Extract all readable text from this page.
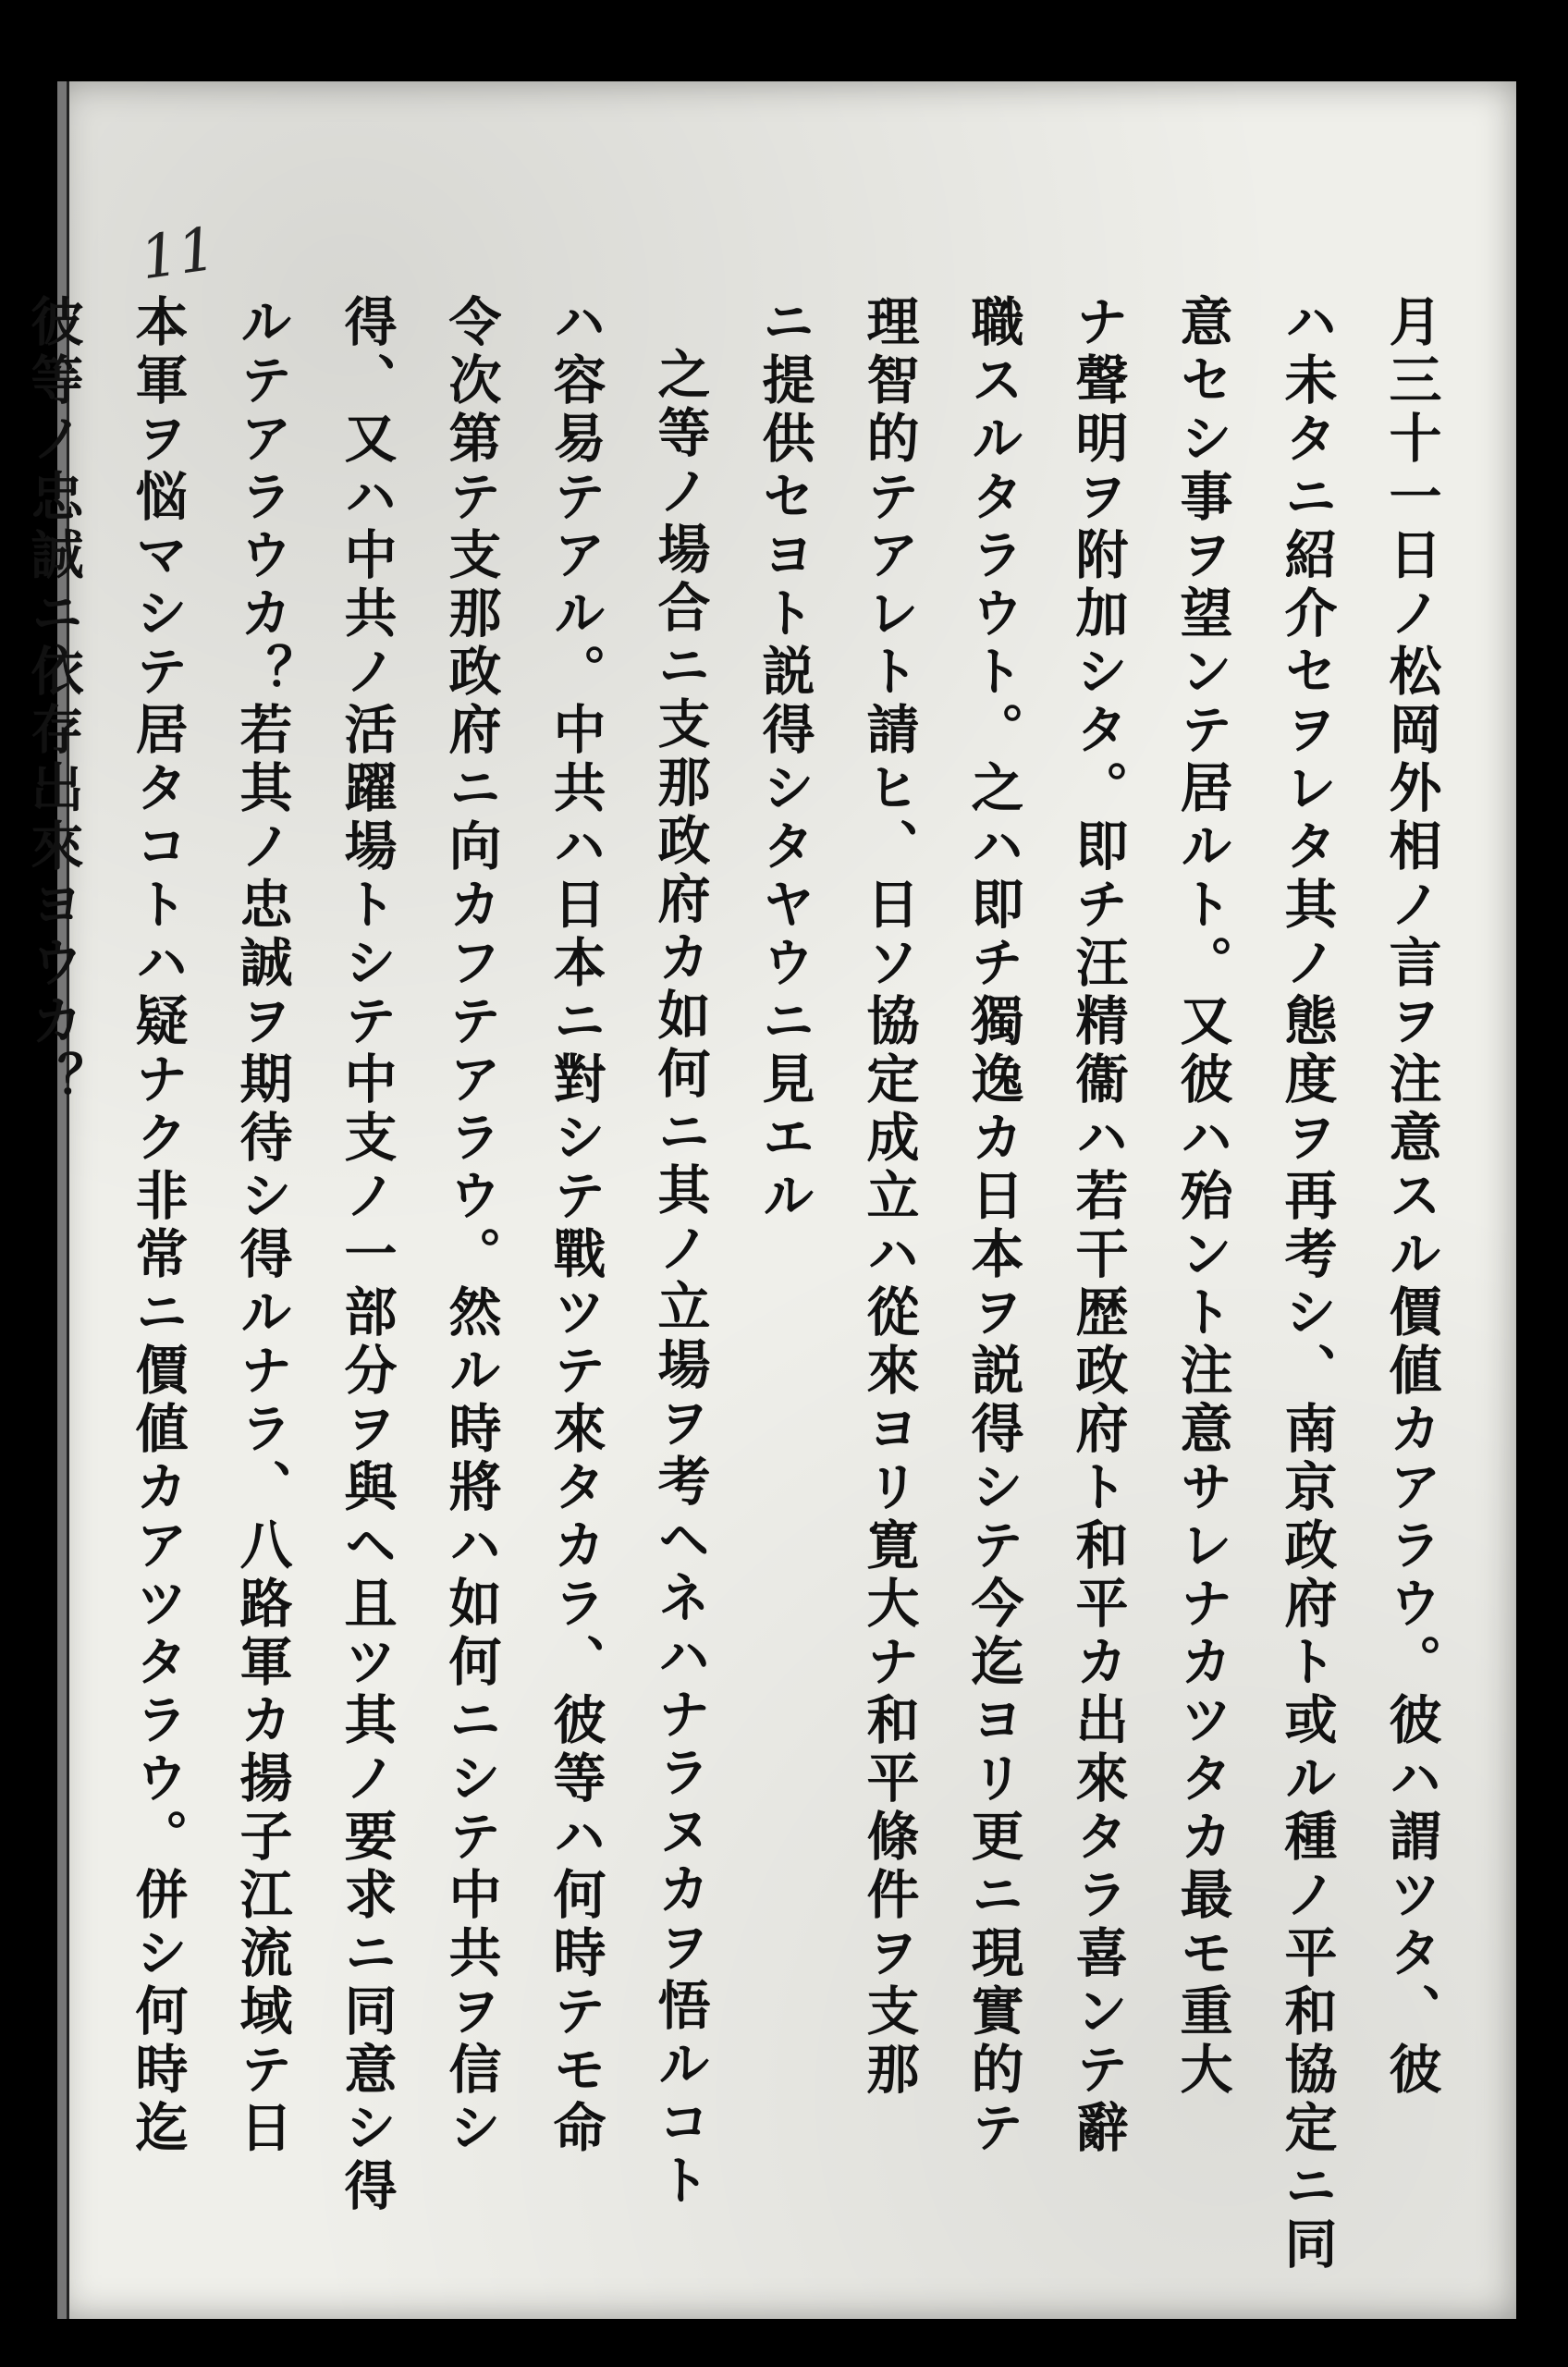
11
月三十一日ノ松岡外相ノ言ヲ注意スル價値カアラウ。彼ハ謂ツタ、彼
ハ未タニ紹介セヲレタ其ノ態度ヲ再考シ、南京政府ト或ル種ノ平和協定ニ同
意セシ事ヲ望ンテ居ルト。又彼ハ殆ント注意サレナカツタカ最モ重大
ナ聲明ヲ附加シタ。即チ汪精衞ハ若干歴政府ト和平カ出來タラ喜ンテ辭
職スルタラウト。之ハ即チ獨逸カ日本ヲ説得シテ今迄ヨリ更ニ現實的テ
理智的テアレト請ヒ、日ソ協定成立ハ從來ヨリ寛大ナ和平條件ヲ支那
ニ提供セヨト説得シタヤウニ見エル
之等ノ場合ニ支那政府カ如何ニ其ノ立場ヲ考ヘネハナラヌカヲ悟ルコト
ハ容易テアル。中共ハ日本ニ對シテ戰ツテ來タカラ、彼等ハ何時テモ命
令次第テ支那政府ニ向カフテアラウ。然ル時將ハ如何ニシテ中共ヲ信シ
得、又ハ中共ノ活躍場トシテ中支ノ一部分ヲ與ヘ且ツ其ノ要求ニ同意シ得
ルテアラウカ？若其ノ忠誠ヲ期待シ得ルナラ、八路軍カ揚子江流域テ日
本軍ヲ悩マシテ居タコトハ疑ナク非常ニ價値カアツタラウ。併シ何時迄
彼等ノ忠誠ニ依存出來ヨウカ？
